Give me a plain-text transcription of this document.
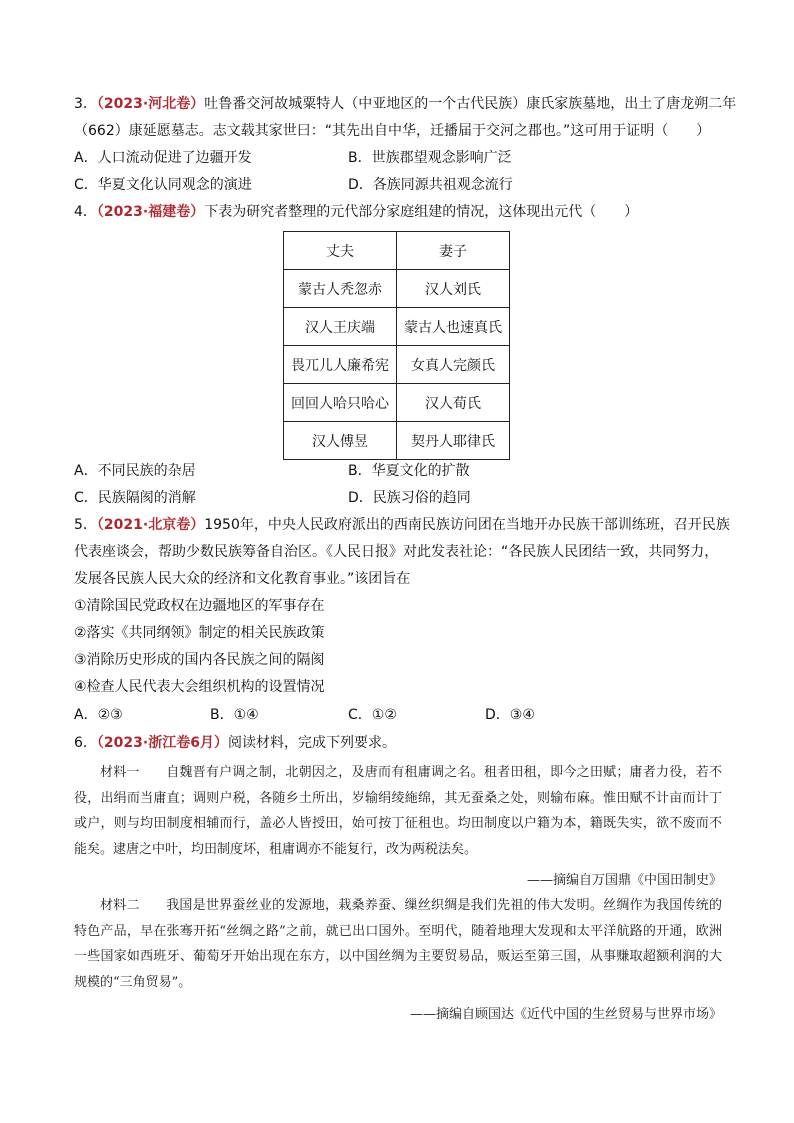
3．（2023·河北卷）吐鲁番交河故城粟特人（中亚地区的一个古代民族）康氏家族墓地，出土了唐龙朔二年
（662）康延愿墓志。志文载其家世曰：“其先出自中华，迁播届于交河之郡也。”这可用于证明（　　）
A．人口流动促进了边疆开发	B．世族郡望观念影响广泛
C．华夏文化认同观念的演进	D．各族同源共祖观念流行
4．（2023·福建卷）下表为研究者整理的元代部分家庭组建的情况，这体现出元代（　　）
丈夫	妻子
蒙古人秃忽赤	汉人刘氏
汉人王庆端	蒙古人也速真氏
畏兀儿人廉希宪	女真人完颜氏
回回人哈只哈心	汉人荀氏
汉人傅昱	契丹人耶律氏
A．不同民族的杂居	B．华夏文化的扩散
C．民族隔阂的消解	D．民族习俗的趋同
5．（2021·北京卷）1950年，中央人民政府派出的西南民族访问团在当地开办民族干部训练班，召开民族
代表座谈会，帮助少数民族筹备自治区。《人民日报》对此发表社论：“各民族人民团结一致，共同努力，
发展各民族人民大众的经济和文化教育事业。”该团旨在
①清除国民党政权在边疆地区的军事存在
②落实《共同纲领》制定的相关民族政策
③消除历史形成的国内各民族之间的隔阂
④检查人民代表大会组织机构的设置情况
A．②③	B．①④	C．①②	D．③④
6．（2023·浙江卷6月）阅读材料，完成下列要求。
材料一　　自魏晋有户调之制，北朝因之，及唐而有租庸调之名。租者田租，即今之田赋；庸者力役，若不役，出绢而当庸直；调则户税，各随乡土所出，岁输绢绫絁绵，其无蚕桑之处，则输布麻。惟田赋不计亩而计丁或户，则与均田制度相辅而行，盖必人皆授田，始可按丁征租也。均田制度以户籍为本，籍既失实，欲不废而不能矣。逮唐之中叶，均田制度坏，租庸调亦不能复行，改为两税法矣。
——摘编自万国鼎《中国田制史》
材料二　　我国是世界蚕丝业的发源地，栽桑养蚕、缫丝织绸是我们先祖的伟大发明。丝绸作为我国传统的特色产品，早在张骞开拓“丝绸之路”之前，就已出口国外。至明代，随着地理大发现和太平洋航路的开通，欧洲一些国家如西班牙、葡萄牙开始出现在东方，以中国丝绸为主要贸易品，贩运至第三国，从事赚取超额利润的大规模的“三角贸易”。
——摘编自顾国达《近代中国的生丝贸易与世界市场》
